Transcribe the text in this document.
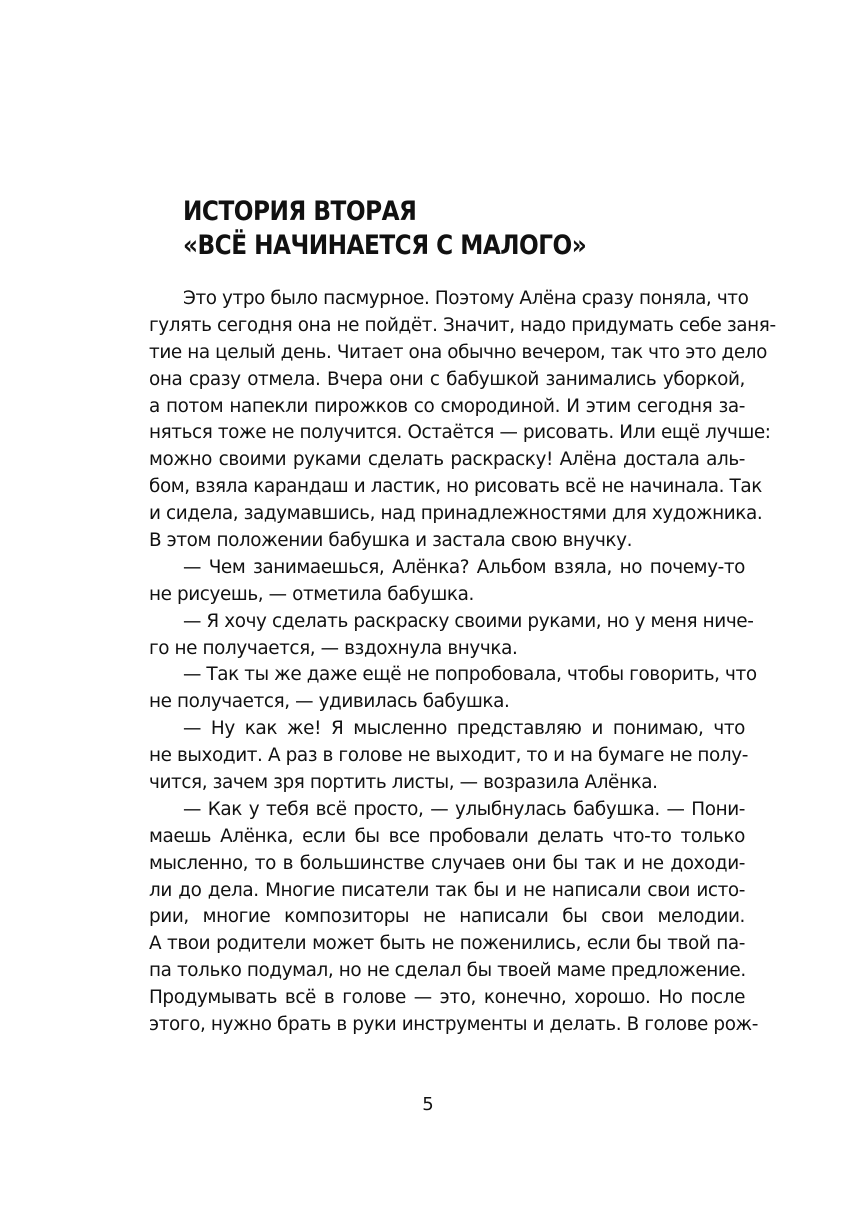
ИСТОРИЯ ВТОРАЯ
«ВСЁ НАЧИНАЕТСЯ С МАЛОГО»

Это утро было пасмурное. Поэтому Алёна сразу поняла, что
гулять сегодня она не пойдёт. Значит, надо придумать себе заня-
тие на целый день. Читает она обычно вечером, так что это дело
она сразу отмела. Вчера они с бабушкой занимались уборкой,
а потом напекли пирожков со смородиной. И этим сегодня за-
няться тоже не получится. Остаётся — рисовать. Или ещё лучше:
можно своими руками сделать раскраску! Алёна достала аль-
бом, взяла карандаш и ластик, но рисовать всё не начинала. Так
и сидела, задумавшись, над принадлежностями для художника.
В этом положении бабушка и застала свою внучку.

— Чем занимаешься, Алёнка? Альбом взяла, но почему-то
не рисуешь, — отметила бабушка.

— Я хочу сделать раскраску своими руками, но у меня ниче-
го не получается, — вздохнула внучка.

— Так ты же даже ещё не попробовала, чтобы говорить, что
не получается, — удивилась бабушка.

— Ну как же! Я мысленно представляю и понимаю, что
не выходит. А раз в голове не выходит, то и на бумаге не полу-
чится, зачем зря портить листы, — возразила Алёнка.

— Как у тебя всё просто, — улыбнулась бабушка. — Пони-
маешь Алёнка, если бы все пробовали делать что-то только
мысленно, то в большинстве случаев они бы так и не доходи-
ли до дела. Многие писатели так бы и не написали свои исто-
рии, многие композиторы не написали бы свои мелодии.
А твои родители может быть не поженились, если бы твой па-
па только подумал, но не сделал бы твоей маме предложение.
Продумывать всё в голове — это, конечно, хорошо. Но после
этого, нужно брать в руки инструменты и делать. В голове рож-

5
